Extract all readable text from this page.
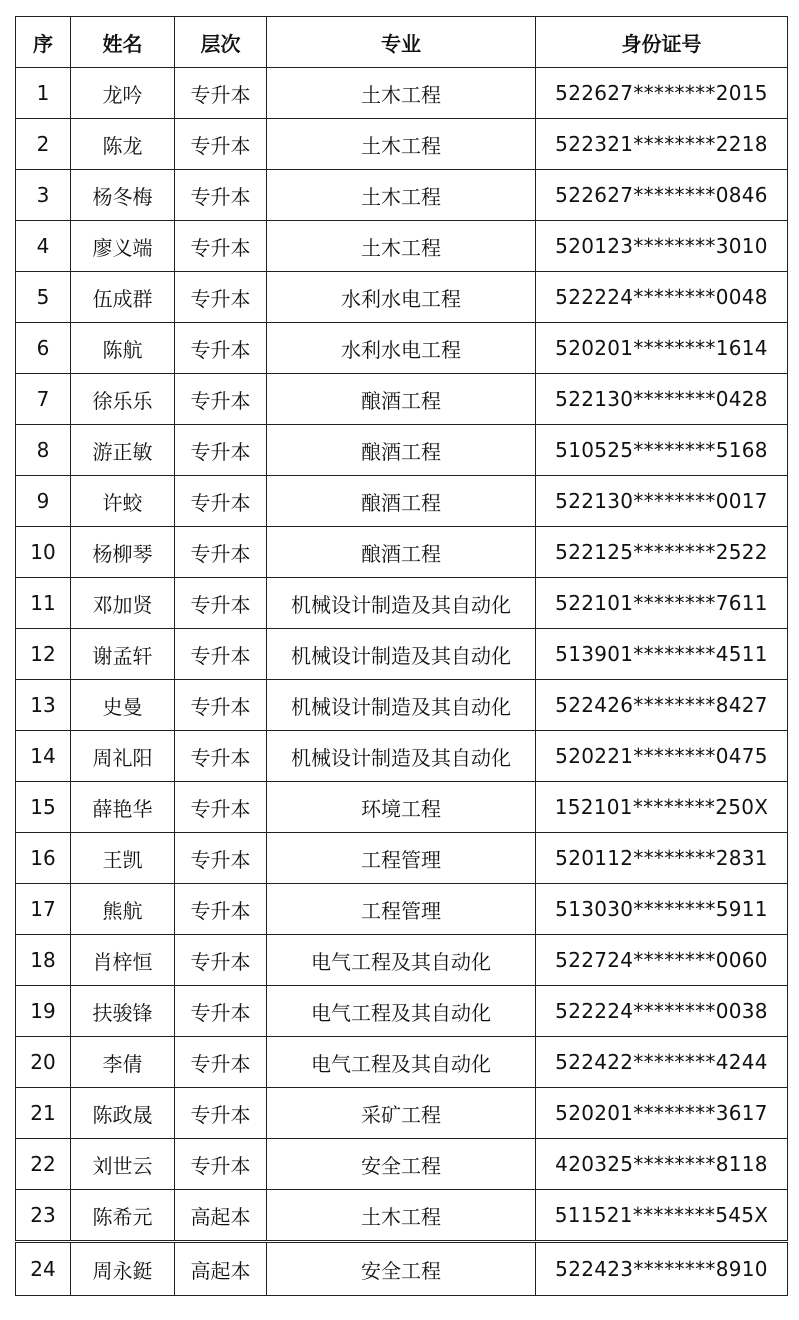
序	姓名	层次	专业	身份证号
1	龙吟	专升本	土木工程	522627********2015
2	陈龙	专升本	土木工程	522321********2218
3	杨冬梅	专升本	土木工程	522627********0846
4	廖义端	专升本	土木工程	520123********3010
5	伍成群	专升本	水利水电工程	522224********0048
6	陈航	专升本	水利水电工程	520201********1614
7	徐乐乐	专升本	酿酒工程	522130********0428
8	游正敏	专升本	酿酒工程	510525********5168
9	许蛟	专升本	酿酒工程	522130********0017
10	杨柳琴	专升本	酿酒工程	522125********2522
11	邓加贤	专升本	机械设计制造及其自动化	522101********7611
12	谢孟轩	专升本	机械设计制造及其自动化	513901********4511
13	史曼	专升本	机械设计制造及其自动化	522426********8427
14	周礼阳	专升本	机械设计制造及其自动化	520221********0475
15	薛艳华	专升本	环境工程	152101********250X
16	王凯	专升本	工程管理	520112********2831
17	熊航	专升本	工程管理	513030********5911
18	肖梓恒	专升本	电气工程及其自动化	522724********0060
19	扶骏锋	专升本	电气工程及其自动化	522224********0038
20	李倩	专升本	电气工程及其自动化	522422********4244
21	陈政晟	专升本	采矿工程	520201********3617
22	刘世云	专升本	安全工程	420325********8118
23	陈希元	高起本	土木工程	511521********545X
24	周永鋌	高起本	安全工程	522423********8910
